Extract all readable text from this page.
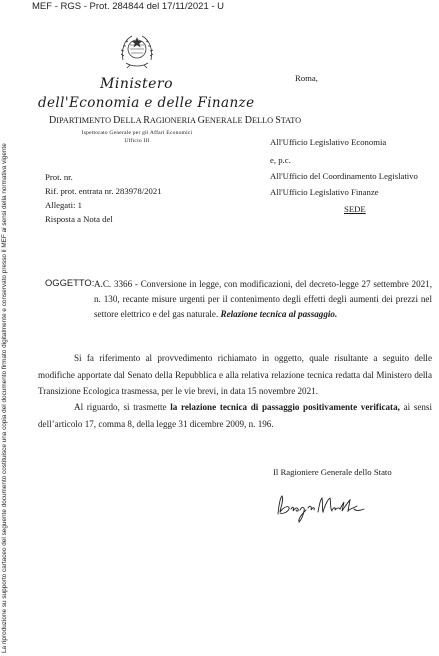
MEF - RGS - Prot. 284844 del 17/11/2021 - U
La riproduzione su supporto cartaceo del seguente documento costituisce una copia del documento firmato digitalmente e conservato presso il MEF ai sensi della normativa vigente
Ministero
dell'Economia e delle Finanze
DIPARTIMENTO DELLA RAGIONERIA GENERALE DELLO STATO
Ispettorato Generale per gli Affari Economici
Ufficio III
Roma,
All'Ufficio Legislativo Economia
e, p.c.
All'Ufficio del Coordinamento Legislativo
All'Ufficio Legislativo Finanze
SEDE
Prot. nr.
Rif. prot. entrata nr. 283978/2021
Allegati: 1
Risposta a Nota del
OGGETTO: A.C. 3366 - Conversione in legge, con modificazioni, del decreto-legge 27 settembre 2021, n. 130, recante misure urgenti per il contenimento degli effetti degli aumenti dei prezzi nel settore elettrico e del gas naturale. Relazione tecnica al passaggio.
Si fa riferimento al provvedimento richiamato in oggetto, quale risultante a seguito delle modifiche apportate dal Senato della Repubblica e alla relativa relazione tecnica redatta dal Ministero della Transizione Ecologica trasmessa, per le vie brevi, in data 15 novembre 2021.
Al riguardo, si trasmette la relazione tecnica di passaggio positivamente verificata, ai sensi dell’articolo 17, comma 8, della legge 31 dicembre 2009, n. 196.
Il Ragioniere Generale dello Stato
